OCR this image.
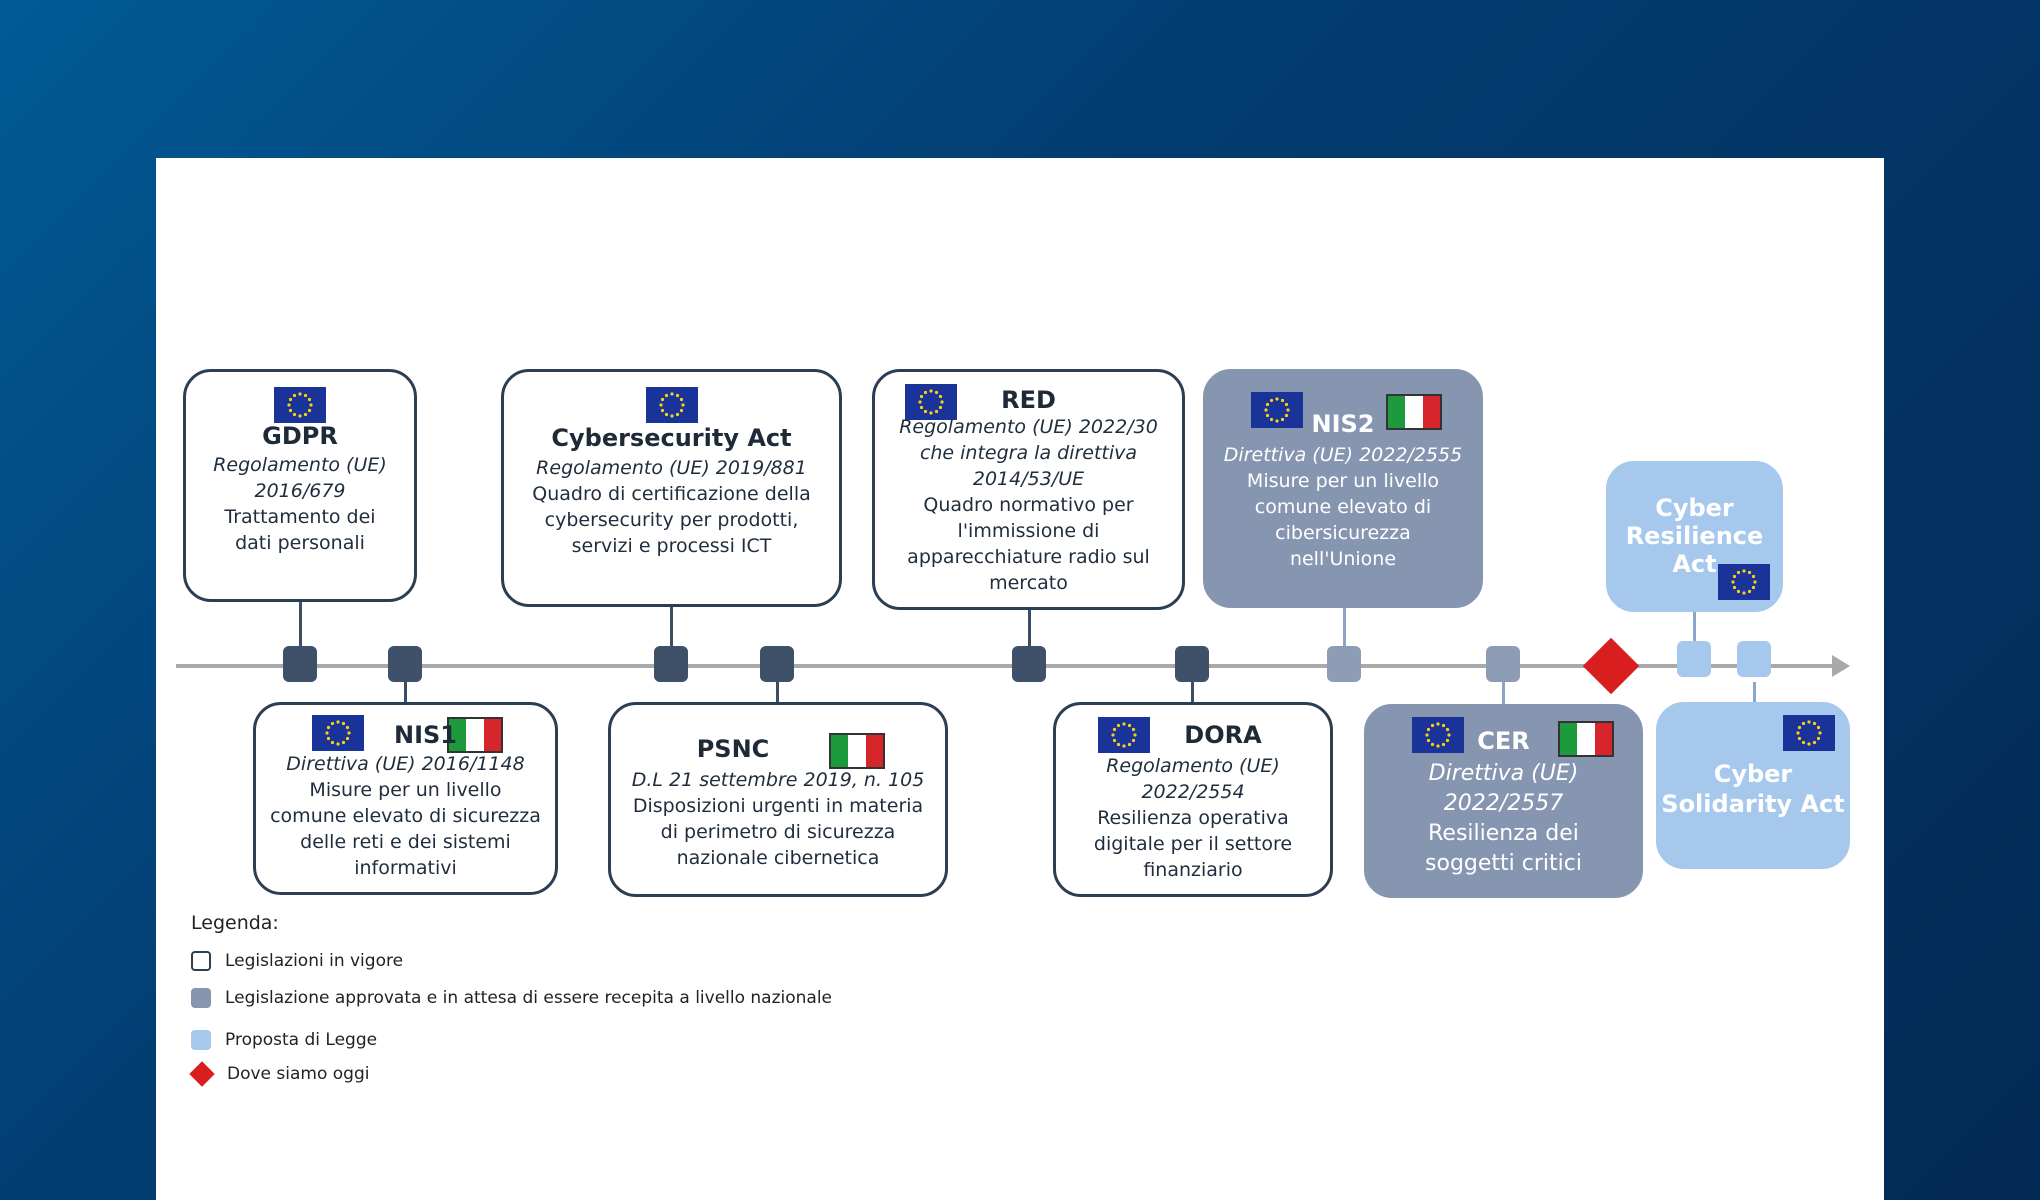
GDPR
Regolamento (UE)
2016/679
Trattamento dei
dati personali
Cybersecurity Act
Regolamento (UE) 2019/881
Quadro di certificazione della
cybersecurity per prodotti,
servizi e processi ICT
RED
Regolamento (UE) 2022/30
che integra la direttiva
2014/53/UE
Quadro normativo per
l'immissione di
apparecchiature radio sul
mercato
NIS2
Direttiva (UE) 2022/2555
Misure per un livello
comune elevato di
cibersicurezza
nell'Unione
Cyber
Resilience
Act
NIS1
Direttiva (UE) 2016/1148
Misure per un livello
comune elevato di sicurezza
delle reti e dei sistemi
informativi
PSNC
D.L 21 settembre 2019, n. 105
Disposizioni urgenti in materia
di perimetro di sicurezza
nazionale cibernetica
DORA
Regolamento (UE)
2022/2554
Resilienza operativa
digitale per il settore
finanziario
CER
Direttiva (UE)
2022/2557
Resilienza dei
soggetti critici
Cyber
Solidarity Act
Legenda:
Legislazioni in vigore
Legislazione approvata e in attesa di essere recepita a livello nazionale
Proposta di Legge
Dove siamo oggi
